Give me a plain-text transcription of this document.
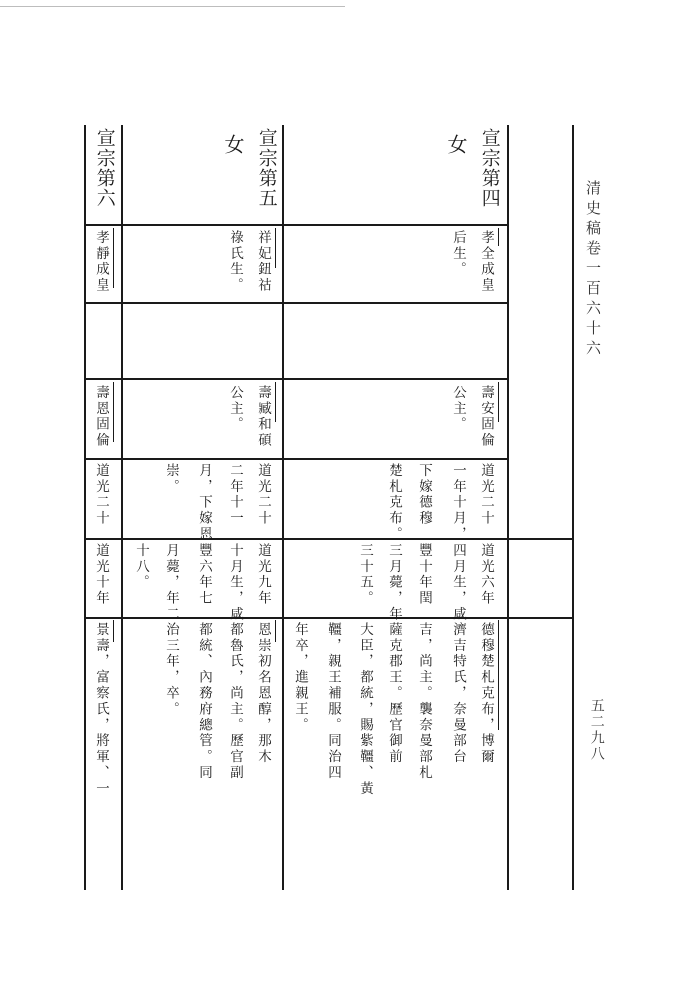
清史稿卷一百六十六
五二九八
宣宗第四
女
孝全成皇
后生。
壽安固倫
公主。
道光二十
一年十月，
下嫁德穆
楚札克布。
道光六年
四月生，咸
豐十年閏
三月薨，年
三十五。
德穆楚札克布，博爾
濟吉特氏，奈曼部台
吉，尚主。襲奈曼部札
薩克郡王。歷官御前
大臣，都統，賜紫韁、黃
韁，親王補服。同治四
年卒，進親王。
宣宗第五
女
祥妃鈕祜
祿氏生。
壽臧和碩
公主。
道光二十
二年十一
月，下嫁恩
崇。
道光九年
十月生，咸
豐六年七
月薨，年二
十八。
恩崇初名恩醇，那木
都魯氏，尚主。歷官副
都統、內務府總管。同
治三年，卒。
宣宗第六
孝靜成皇
壽恩固倫
道光二十
道光十年
景壽，富察氏，將軍、一
